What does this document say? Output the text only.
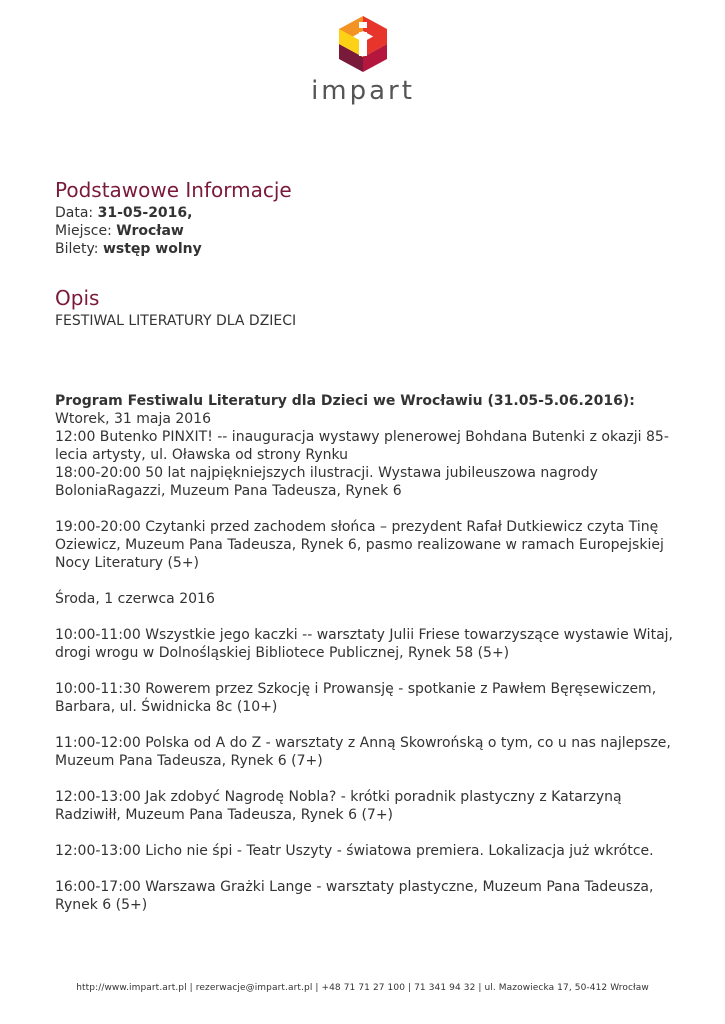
impart
Podstawowe Informacje

Data: 31-05-2016,

Miejsce: Wrocław

Bilety: wstęp wolny

Opis

FESTIWAL LITERATURY DLA DZIECI

Program Festiwalu Literatury dla Dzieci we Wrocławiu (31.05-5.06.2016):

Wtorek, 31 maja 2016

12:00 Butenko PINXIT! -- inauguracja wystawy plenerowej Bohdana Butenki z okazji 85-lecia artysty, ul. Oławska od strony Rynku

18:00-20:00 50 lat najpiękniejszych ilustracji. Wystawa jubileuszowa nagrody BoloniaRagazzi, Muzeum Pana Tadeusza, Rynek 6

19:00-20:00 Czytanki przed zachodem słońca – prezydent Rafał Dutkiewicz czyta Tinę Oziewicz, Muzeum Pana Tadeusza, Rynek 6, pasmo realizowane w ramach Europejskiej Nocy Literatury (5+)

Środa, 1 czerwca 2016

10:00-11:00 Wszystkie jego kaczki -- warsztaty Julii Friese towarzyszące wystawie Witaj, drogi wrogu w Dolnośląskiej Bibliotece Publicznej, Rynek 58 (5+)

10:00-11:30 Rowerem przez Szkocję i Prowansję - spotkanie z Pawłem Bęręsewiczem, Barbara, ul. Świdnicka 8c (10+)

11:00-12:00 Polska od A do Z - warsztaty z Anną Skowrońską o tym, co u nas najlepsze, Muzeum Pana Tadeusza, Rynek 6 (7+)

12:00-13:00 Jak zdobyć Nagrodę Nobla? - krótki poradnik plastyczny z Katarzyną Radziwiłł, Muzeum Pana Tadeusza, Rynek 6 (7+)

12:00-13:00 Licho nie śpi - Teatr Uszyty - światowa premiera. Lokalizacja już wkrótce.

16:00-17:00 Warszawa Grażki Lange - warsztaty plastyczne, Muzeum Pana Tadeusza, Rynek 6 (5+)

http://www.impart.art.pl | rezerwacje@impart.art.pl | +48 71 71 27 100 | 71 341 94 32 | ul. Mazowiecka 17, 50-412 Wrocław
